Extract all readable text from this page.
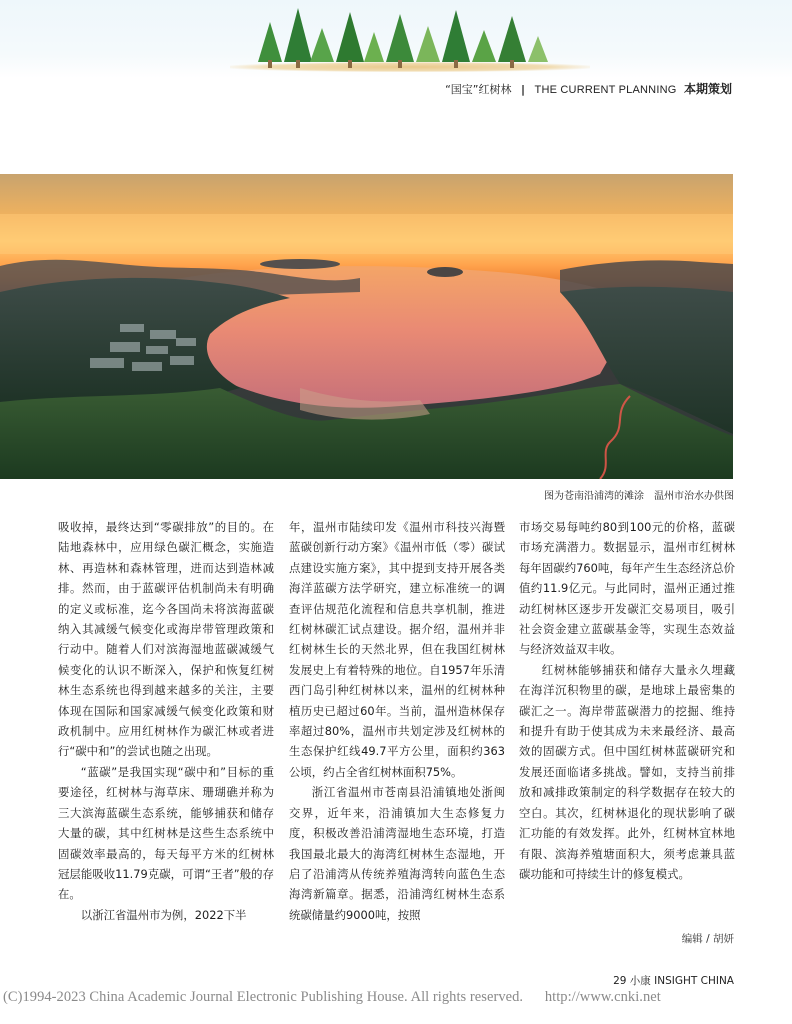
“国宝”红树林 | THE CURRENT PLANNING 本期策划
图为苍南沿浦湾的滩涂　温州市治水办供图

吸收掉，最终达到“零碳排放”的目的。在陆地森林中，应用绿色碳汇概念，实施造林、再造林和森林管理，进而达到造林减排。然而，由于蓝碳评估机制尚未有明确的定义或标准，迄今各国尚未将滨海蓝碳纳入其减缓气候变化或海岸带管理政策和行动中。随着人们对滨海湿地蓝碳减缓气候变化的认识不断深入，保护和恢复红树林生态系统也得到越来越多的关注，主要体现在国际和国家减缓气候变化政策和财政机制中。应用红树林作为碳汇林或者进行“碳中和”的尝试也随之出现。

“蓝碳”是我国实现“碳中和”目标的重要途径，红树林与海草床、珊瑚礁并称为三大滨海蓝碳生态系统，能够捕获和储存大量的碳，其中红树林是这些生态系统中固碳效率最高的，每天每平方米的红树林冠层能吸收11.79克碳，可谓“王者”般的存在。

以浙江省温州市为例，2022下半

年，温州市陆续印发《温州市科技兴海暨蓝碳创新行动方案》《温州市低（零）碳试点建设实施方案》，其中提到支持开展各类海洋蓝碳方法学研究，建立标准统一的调查评估规范化流程和信息共享机制，推进红树林碳汇试点建设。据介绍，温州并非红树林生长的天然北界，但在我国红树林发展史上有着特殊的地位。自1957年乐清西门岛引种红树林以来，温州的红树林种植历史已超过60年。当前，温州造林保存率超过80%，温州市共划定涉及红树林的生态保护红线49.7平方公里，面积约363公顷，约占全省红树林面积75%。

浙江省温州市苍南县沿浦镇地处浙闽交界，近年来，沿浦镇加大生态修复力度，积极改善沿浦湾湿地生态环境，打造我国最北最大的海湾红树林生态湿地，开启了沿浦湾从传统养殖海湾转向蓝色生态海湾新篇章。据悉，沿浦湾红树林生态系统碳储量约9000吨，按照

市场交易每吨约80到100元的价格，蓝碳市场充满潜力。数据显示，温州市红树林每年固碳约760吨，每年产生生态经济总价值约11.9亿元。与此同时，温州正通过推动红树林区逐步开发碳汇交易项目，吸引社会资金建立蓝碳基金等，实现生态效益与经济效益双丰收。

红树林能够捕获和储存大量永久埋藏在海洋沉积物里的碳，是地球上最密集的碳汇之一。海岸带蓝碳潜力的挖掘、维持和提升有助于使其成为未来最经济、最高效的固碳方式。但中国红树林蓝碳研究和发展还面临诸多挑战。譬如，支持当前排放和减排政策制定的科学数据存在较大的空白。其次，红树林退化的现状影响了碳汇功能的有效发挥。此外，红树林宜林地有限、滨海养殖塘面积大，须考虑兼具蓝碳功能和可持续生计的修复模式。

编辑 / 胡妍
29 小康 INSIGHT CHINA
(C)1994-2023 China Academic Journal Electronic Publishing House. All rights reserved. http://www.cnki.net
